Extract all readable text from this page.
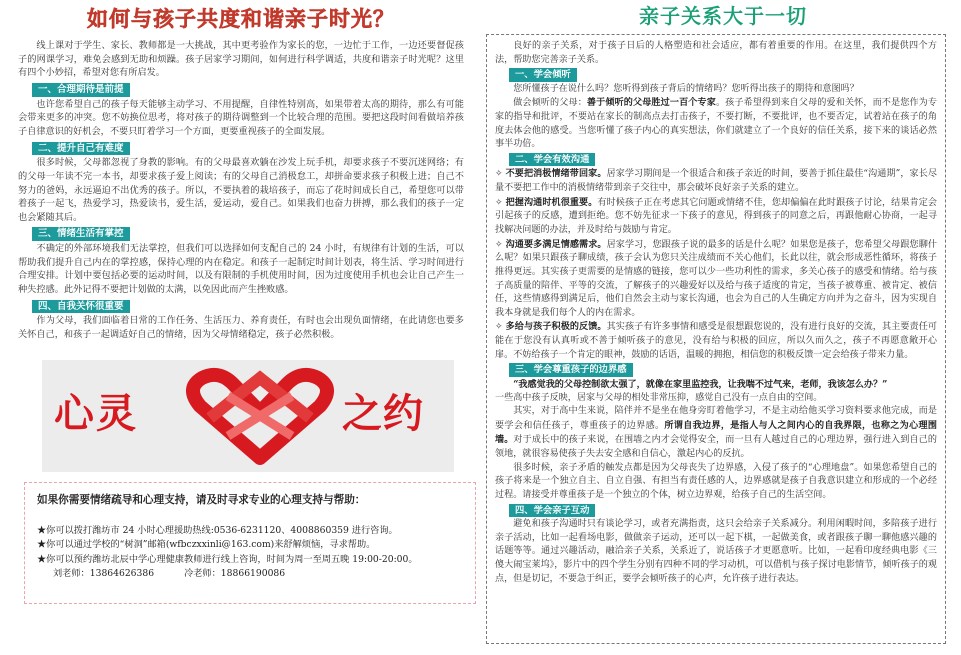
如何与孩子共度和谐亲子时光？

线上课对于学生、家长、教师都是一大挑战，其中更考验作为家长的您，一边忙于工作，一边还要督促孩子的网课学习，难免会感到无助和烦躁。孩子居家学习期间，如何进行科学调适，共度和谐亲子时光呢？这里有四个小妙招，希望对您有所启发。

一、合理期待是前提

也许您希望自己的孩子每天能够主动学习、不用提醒，自律性特别高，如果带着太高的期待，那么有可能会带来更多的冲突。您不妨换位思考，将对孩子的期待调整到一个比较合理的范围。要把这段时间看做培养孩子自律意识的好机会，不要只盯着学习一个方面，更要重视孩子的全面发展。

二、提升自己有难度

很多时候，父母都忽视了身教的影响。有的父母最喜欢躺在沙发上玩手机，却要求孩子不要沉迷网络；有的父母一年读不完一本书，却要求孩子爱上阅读；有的父母自己消极怠工，却拼命要求孩子积极上进；自己不努力的爸妈，永远逼迫不出优秀的孩子。所以，不要执着的栽培孩子，而忘了花时间成长自己，希望您可以带着孩子一起飞，热爱学习，热爱读书，爱生活，爱运动，爱自己。如果我们也奋力拼搏，那么我们的孩子一定也会紧随其后。

三、情绪生活有掌控

不确定的外部环境我们无法掌控，但我们可以选择如何支配自己的 24 小时，有规律有计划的生活，可以帮助我们提升自己内在的掌控感，保持心理的内在稳定。和孩子一起制定时间计划表，将生活、学习时间进行合理安排。计划中要包括必要的运动时间，以及有限制的手机使用时间，因为过度使用手机也会让自己产生一种失控感。此外记得不要把计划做的太满，以免因此而产生挫败感。

四、自我关怀很重要

作为父母，我们面临着日常的工作任务、生活压力、养育责任，有时也会出现负面情绪，在此请您也要多关怀自己，和孩子一起调适好自己的情绪，因为父母情绪稳定，孩子必然积极。

心灵	之约
如果你需要情绪疏导和心理支持，请及时寻求专业的心理支持与帮助：
★你可以拨打潍坊市 24 小时心理援助热线:0536-6231120、4008860359 进行咨询。
★你可以通过学校的“树洞”邮箱(wfbczxxinli@163.com)来舒解烦恼，寻求帮助。
★你可以预约潍坊北辰中学心理健康教师进行线上咨询，时间为周一至周五晚 19:00-20:00。
刘老师：13864626386	冷老师：18866190086
亲子关系大于一切

良好的亲子关系，对于孩子日后的人格塑造和社会适应，都有着重要的作用。在这里，我们提供四个方法，帮助您完善亲子关系。

一、学会倾听

您所懂孩子在说什么吗？您听得到孩子背后的情绪吗？您听得出孩子的期待和意图吗？

做会倾听的父母：善于倾听的父母胜过一百个专家。孩子希望得到来自父母的爱和关怀，而不是您作为专家的指导和批评，不要站在家长的制高点去打击孩子，不要打断，不要批评，也不要否定，试着站在孩子的角度去体会他的感受。当您听懂了孩子内心的真实想法，你们就建立了一个良好的信任关系，接下来的谈话必然事半功倍。

二、学会有效沟通

✧ 不要把消极情绪带回家。居家学习期间是一个很适合和孩子亲近的时间，要善于抓住最佳“沟通期”，家长尽量不要把工作中的消极情绪带到亲子交往中，那会破坏良好亲子关系的建立。

✧ 把握沟通时机很重要。有时候孩子正在考虑其它问题或情绪不佳，您却偏偏在此时跟孩子讨论，结果肯定会引起孩子的反感，遭到拒绝。您不妨先征求一下孩子的意见，得到孩子的同意之后，再跟他耐心协商，一起寻找解决问题的办法，并及时给与鼓励与肯定。

✧ 沟通要多满足情感需求。居家学习，您跟孩子说的最多的话是什么呢？如果您是孩子，您希望父母跟您聊什么呢？如果只跟孩子聊成绩，孩子会认为您只关注成绩而不关心他们，长此以往，就会形成恶性循环，将孩子推得更远。其实孩子更需要的是情感的链接，您可以少一些功利性的需求，多关心孩子的感受和情绪。给与孩子高质量的陪伴、平等的交流，了解孩子的兴趣爱好以及给与孩子适度的肯定，当孩子被尊重、被肯定、被信任，这些情感得到满足后，他们自然会主动与家长沟通，也会为自己的人生确定方向并为之奋斗，因为实现自我本身就是我们每个人的内在需求。

✧ 多给与孩子积极的反馈。其实孩子有许多事情和感受是很想跟您说的，没有进行良好的交流，其主要责任可能在于您没有认真听或不善于倾听孩子的意见，没有给与积极的回应，所以久而久之，孩子不再愿意敞开心扉。不妨给孩子一个肯定的眼神，鼓励的话语，温暖的拥抱，相信您的积极反馈一定会给孩子带来力量。

三、学会尊重孩子的边界感

“我感觉我的父母控制欲太强了，就像在家里监控我，让我喘不过气来，老师，我该怎么办？”

一些高中孩子反映，居家与父母的相处非常压抑，感觉自己没有一点自由的空间。

其实，对于高中生来说，陪伴并不是坐在他身旁盯着他学习，不是主动给他买学习资料要求他完成，而是要学会和信任孩子，尊重孩子的边界感。所谓自我边界，是指人与人之间内心的自我界限，也称之为心理围墙。对于成长中的孩子来说，在围墙之内才会觉得安全，而一旦有人越过自己的心理边界，强行进入到自己的领地，就很容易使孩子失去安全感和自信心，激起内心的反抗。

很多时候，亲子矛盾的触发点都是因为父母丧失了边界感，入侵了孩子的“心理地盘”。如果您希望自己的孩子将来是一个独立自主、自立自强、有担当有责任感的人，边界感就是孩子自我意识建立和形成的一个必经过程。请接受并尊重孩子是一个独立的个体，树立边界观，给孩子自己的生活空间。

四、学会亲子互动

避免和孩子沟通时只有谈论学习，或者充满指责，这只会给亲子关系减分。利用闲暇时间，多陪孩子进行亲子活动，比如一起看场电影，做做亲子运动，还可以一起下棋，一起做美食，或者跟孩子聊一聊他感兴趣的话题等等。通过兴趣活动，融洽亲子关系，关系近了，说话孩子才更愿意听。比如，一起看印度经典电影《三傻大闹宝莱坞》，影片中的四个学生分别有四种不同的学习动机，可以借机与孩子探讨电影情节，倾听孩子的观点，但是切记，不要急于纠正，要学会倾听孩子的心声，允许孩子进行表达。
